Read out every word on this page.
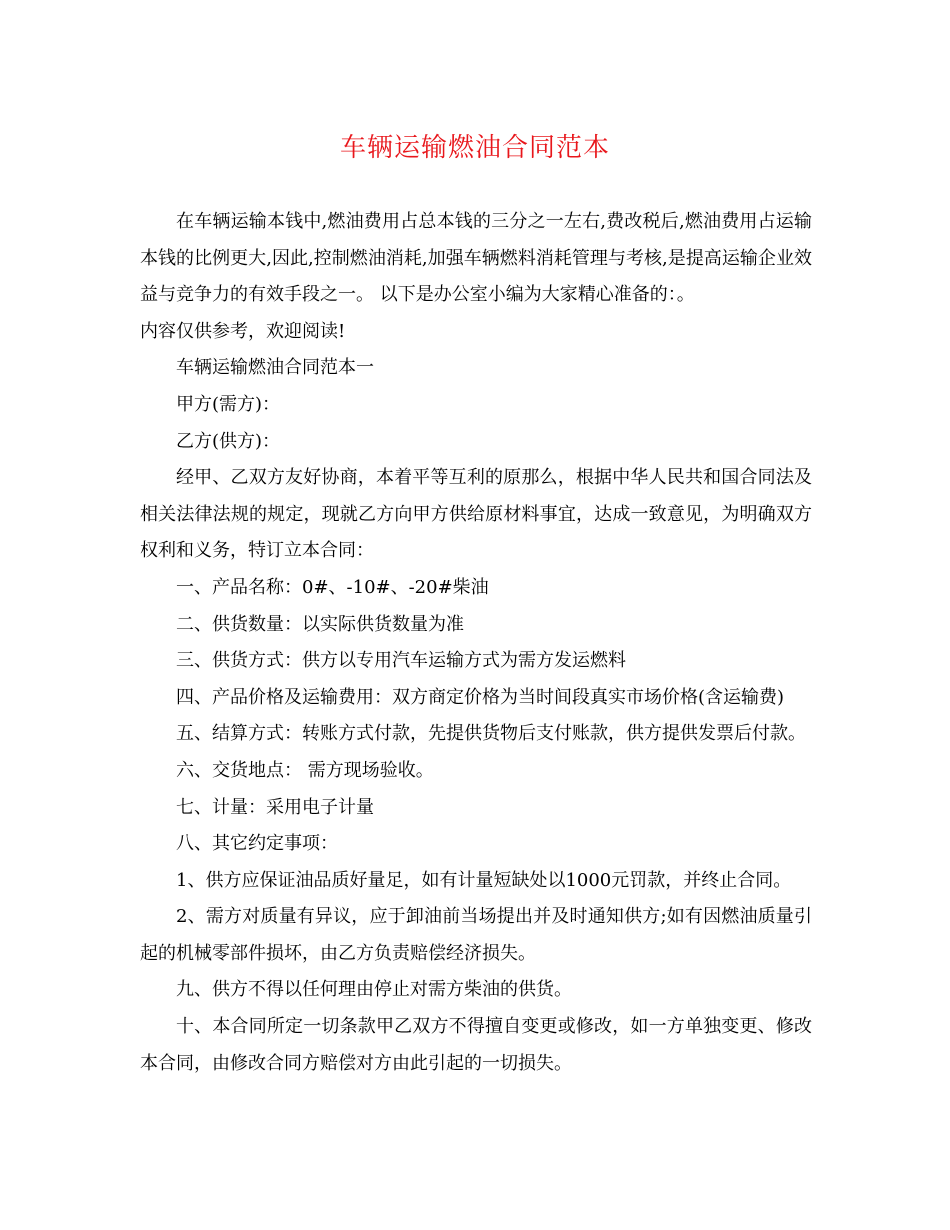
车辆运输燃油合同范本

在车辆运输本钱中,燃油费用占总本钱的三分之一左右,费改税后,燃油费用占运输本钱的比例更大,因此,控制燃油消耗,加强车辆燃料消耗管理与考核,是提高运输企业效益与竞争力的有效手段之一。 以下是办公室小编为大家精心准备的：。

内容仅供参考，欢迎阅读!

车辆运输燃油合同范本一

甲方(需方)：

乙方(供方)：

经甲、乙双方友好协商，本着平等互利的原那么，根据中华人民共和国合同法及相关法律法规的规定，现就乙方向甲方供给原材料事宜，达成一致意见，为明确双方权利和义务，特订立本合同：

一、产品名称：0#、-10#、-20#柴油

二、供货数量：以实际供货数量为准

三、供货方式：供方以专用汽车运输方式为需方发运燃料

四、产品价格及运输费用：双方商定价格为当时间段真实市场价格(含运输费)

五、结算方式：转账方式付款，先提供货物后支付账款，供方提供发票后付款。

六、交货地点： 需方现场验收。

七、计量：采用电子计量

八、其它约定事项：

1、供方应保证油品质好量足，如有计量短缺处以1000元罚款，并终止合同。

2、需方对质量有异议，应于卸油前当场提出并及时通知供方;如有因燃油质量引起的机械零部件损坏，由乙方负责赔偿经济损失。

九、供方不得以任何理由停止对需方柴油的供货。

十、本合同所定一切条款甲乙双方不得擅自变更或修改，如一方单独变更、修改本合同，由修改合同方赔偿对方由此引起的一切损失。
